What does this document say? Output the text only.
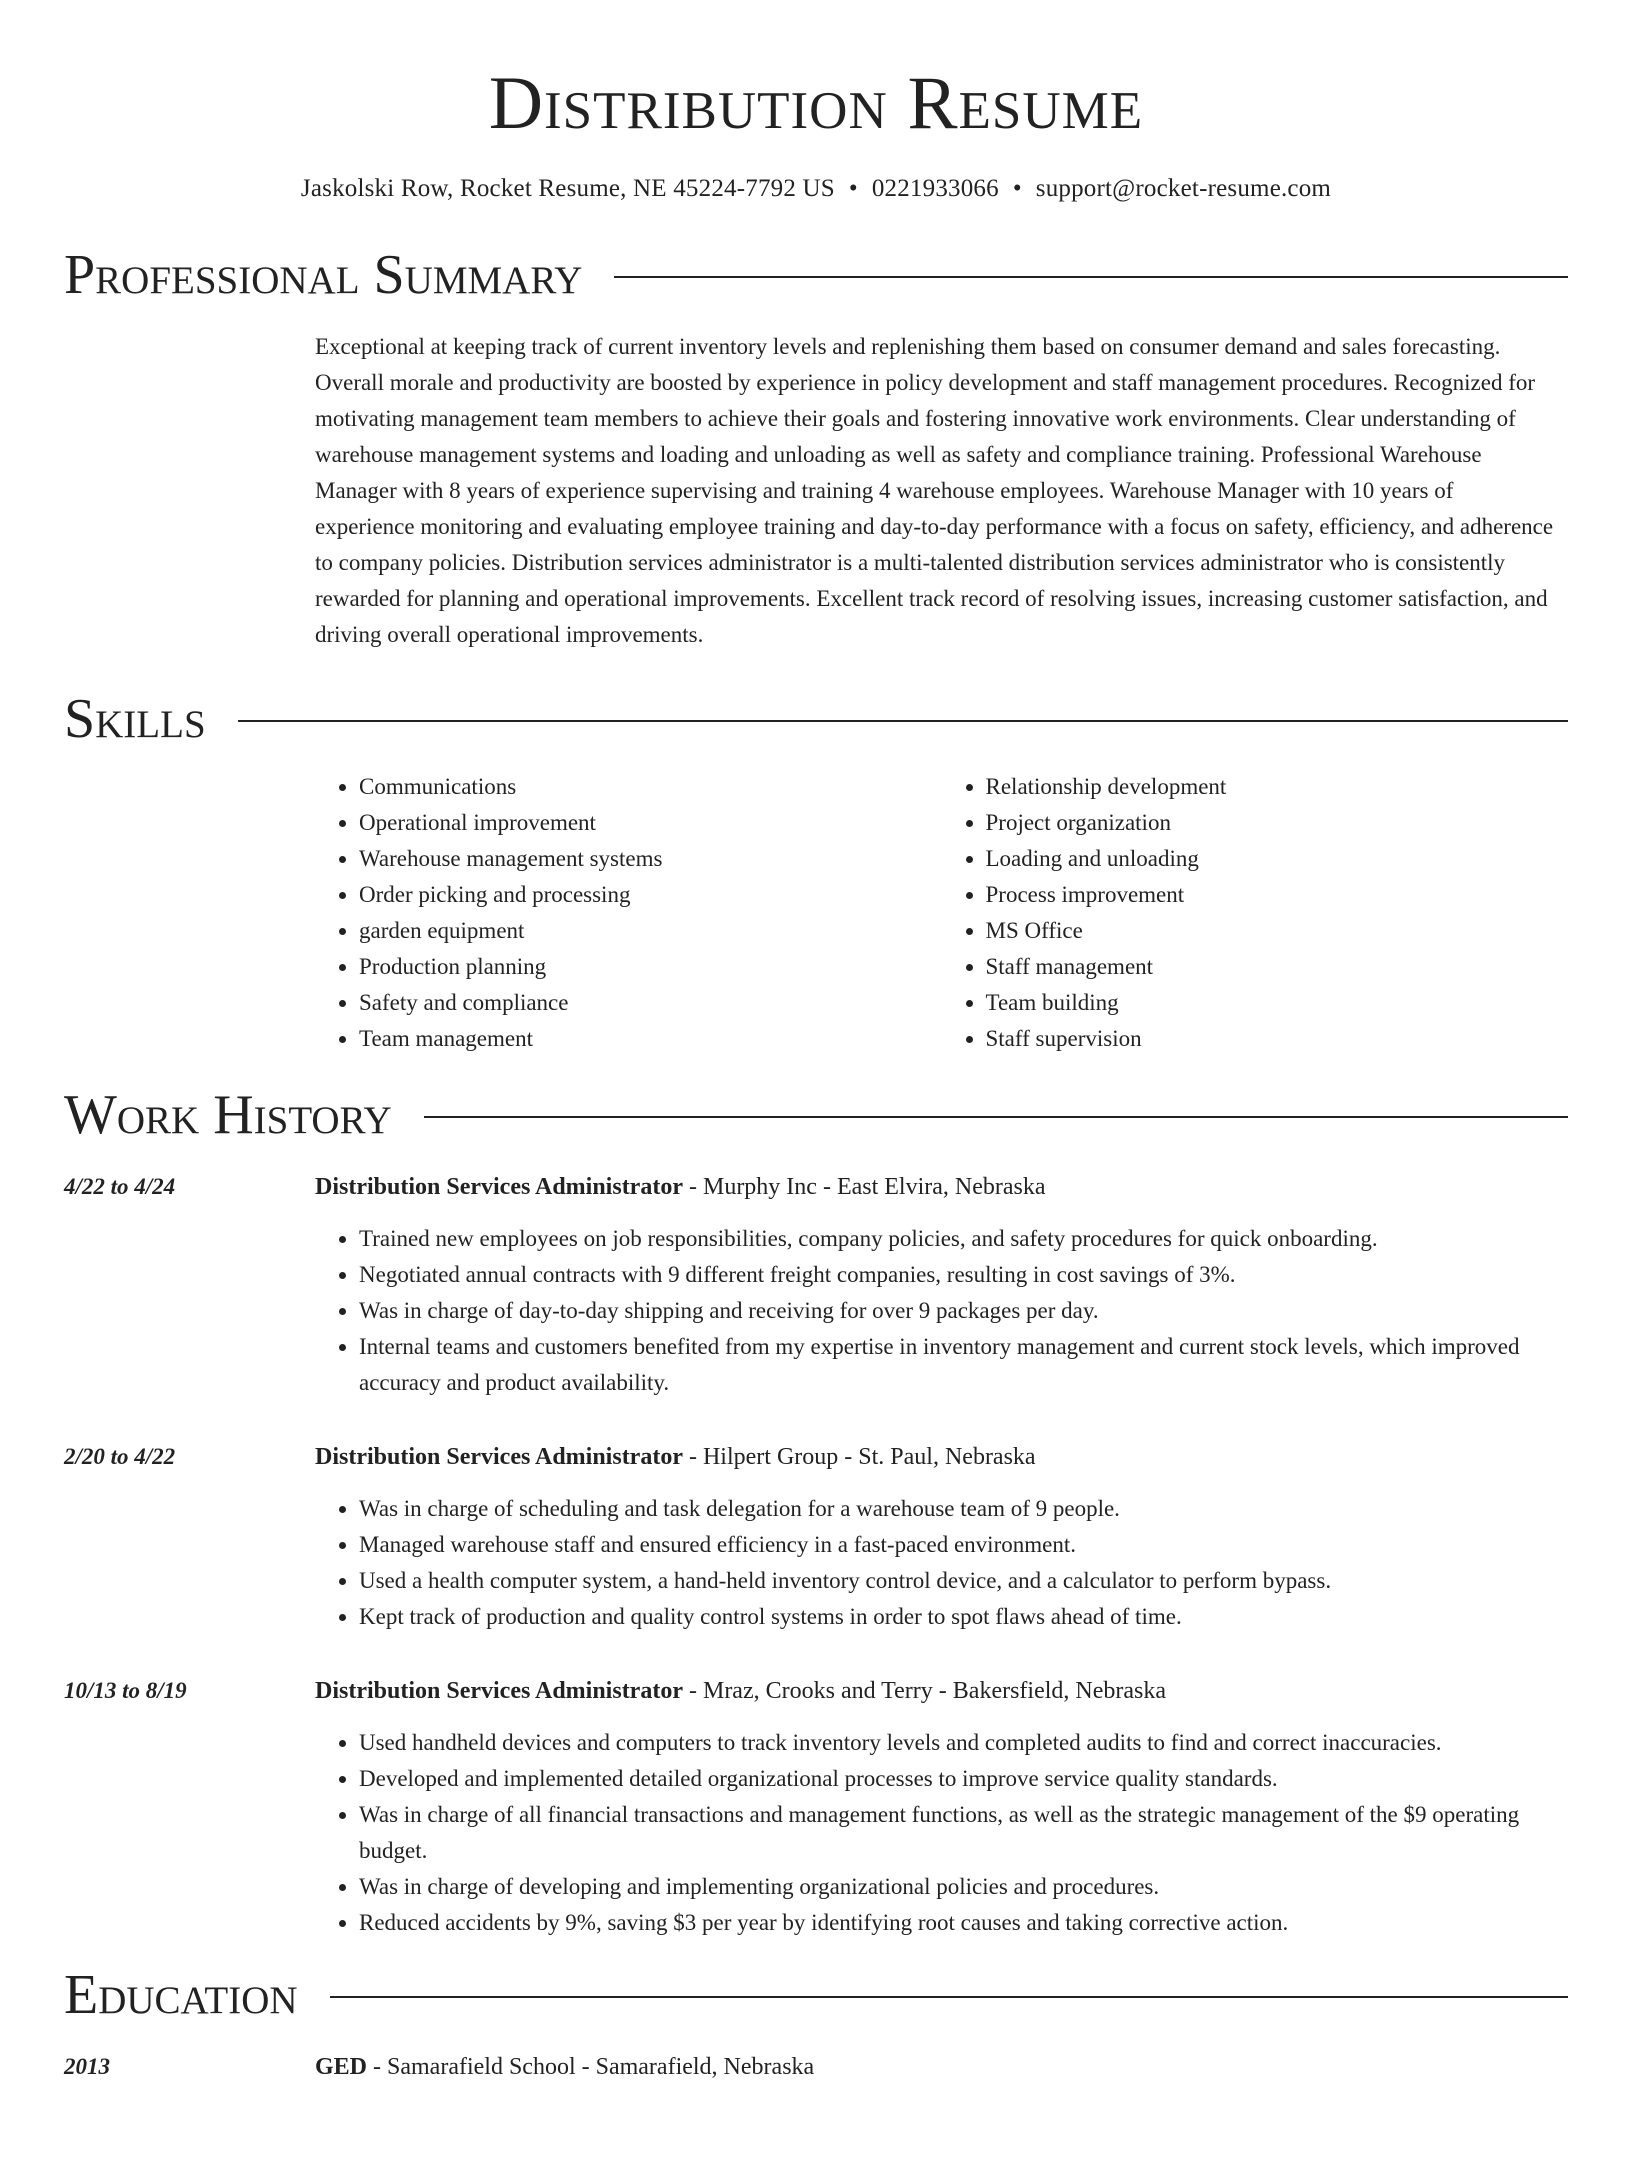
Distribution Resume
Jaskolski Row, Rocket Resume, NE 45224-7792 US • 0221933066 • support@rocket-resume.com
Professional Summary
Exceptional at keeping track of current inventory levels and replenishing them based on consumer demand and sales forecasting. Overall morale and productivity are boosted by experience in policy development and staff management procedures. Recognized for motivating management team members to achieve their goals and fostering innovative work environments. Clear understanding of warehouse management systems and loading and unloading as well as safety and compliance training. Professional Warehouse Manager with 8 years of experience supervising and training 4 warehouse employees. Warehouse Manager with 10 years of experience monitoring and evaluating employee training and day-to-day performance with a focus on safety, efficiency, and adherence to company policies. Distribution services administrator is a multi-talented distribution services administrator who is consistently rewarded for planning and operational improvements. Excellent track record of resolving issues, increasing customer satisfaction, and driving overall operational improvements.
Skills
• Communications
• Operational improvement
• Warehouse management systems
• Order picking and processing
• garden equipment
• Production planning
• Safety and compliance
• Team management
• Relationship development
• Project organization
• Loading and unloading
• Process improvement
• MS Office
• Staff management
• Team building
• Staff supervision
Work History
4/22 to 4/24	Distribution Services Administrator - Murphy Inc - East Elvira, Nebraska
• Trained new employees on job responsibilities, company policies, and safety procedures for quick onboarding.
• Negotiated annual contracts with 9 different freight companies, resulting in cost savings of 3%.
• Was in charge of day-to-day shipping and receiving for over 9 packages per day.
• Internal teams and customers benefited from my expertise in inventory management and current stock levels, which improved accuracy and product availability.
2/20 to 4/22	Distribution Services Administrator - Hilpert Group - St. Paul, Nebraska
• Was in charge of scheduling and task delegation for a warehouse team of 9 people.
• Managed warehouse staff and ensured efficiency in a fast-paced environment.
• Used a health computer system, a hand-held inventory control device, and a calculator to perform bypass.
• Kept track of production and quality control systems in order to spot flaws ahead of time.
10/13 to 8/19	Distribution Services Administrator - Mraz, Crooks and Terry - Bakersfield, Nebraska
• Used handheld devices and computers to track inventory levels and completed audits to find and correct inaccuracies.
• Developed and implemented detailed organizational processes to improve service quality standards.
• Was in charge of all financial transactions and management functions, as well as the strategic management of the $9 operating budget.
• Was in charge of developing and implementing organizational policies and procedures.
• Reduced accidents by 9%, saving $3 per year by identifying root causes and taking corrective action.
Education
2013	GED - Samarafield School - Samarafield, Nebraska
